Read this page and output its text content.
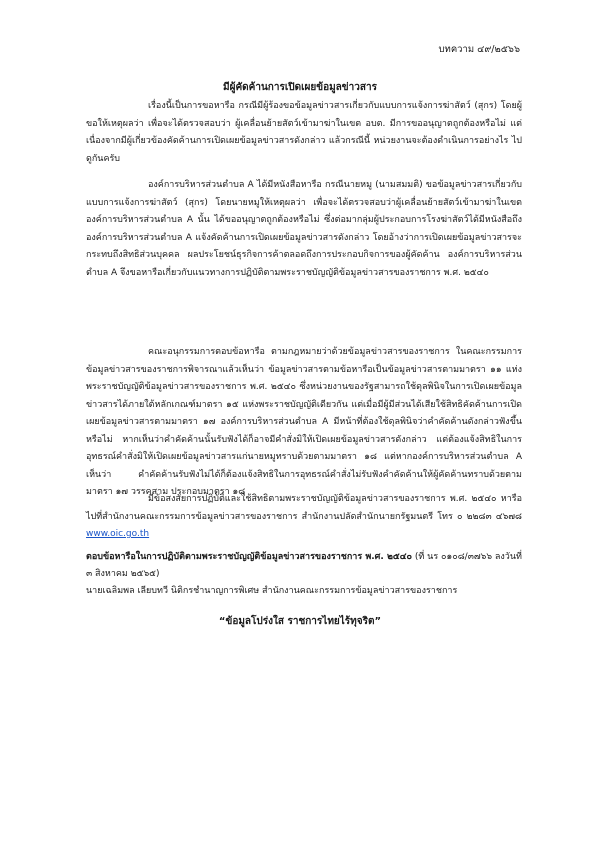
บทความ ๔๙/๒๕๖๖
มีผู้คัดค้านการเปิดเผยข้อมูลข่าวสาร

เรื่องนี้เป็นการขอหารือ กรณีมีผู้ร้องขอข้อมูลข่าวสารเกี่ยวกับแบบการแจ้งการฆ่าสัตว์ (สุกร) โดยผู้ขอให้เหตุผลว่า เพื่อจะได้ตรวจสอบว่า ผู้เคลื่อนย้ายสัตว์เข้ามาฆ่าในเขต อบต. มีการขออนุญาตถูกต้องหรือไม่ แต่เนื่องจากมีผู้เกี่ยวข้องคัดค้านการเปิดเผยข้อมูลข่าวสารดังกล่าว แล้วกรณีนี้ หน่วยงานจะต้องดำเนินการอย่างไร ไปดูกันครับ

องค์การบริหารส่วนตำบล A ได้มีหนังสือหารือ กรณีนายหมู (นามสมมติ) ขอข้อมูลข่าวสารเกี่ยวกับแบบการแจ้งการฆ่าสัตว์ (สุกร) โดยนายหมูให้เหตุผลว่า เพื่อจะได้ตรวจสอบว่าผู้เคลื่อนย้ายสัตว์เข้ามาฆ่าในเขตองค์การบริหารส่วนตำบล A นั้น ได้ขออนุญาตถูกต้องหรือไม่ ซึ่งต่อมากลุ่มผู้ประกอบการโรงฆ่าสัตว์ได้มีหนังสือถึงองค์การบริหารส่วนตำบล A แจ้งคัดค้านการเปิดเผยข้อมูลข่าวสารดังกล่าว โดยอ้างว่าการเปิดเผยข้อมูลข่าวสารจะกระทบถึงสิทธิส่วนบุคคล ผลประโยชน์ธุรกิจการค้าตลอดถึงการประกอบกิจการของผู้คัดค้าน องค์การบริหารส่วนตำบล A จึงขอหารือเกี่ยวกับแนวทางการปฏิบัติตามพระราชบัญญัติข้อมูลข่าวสารของราชการ พ.ศ. ๒๕๔๐

คณะอนุกรรมการตอบข้อหารือ ตามกฎหมายว่าด้วยข้อมูลข่าวสารของราชการ ในคณะกรรมการข้อมูลข่าวสารของราชการพิจารณาแล้วเห็นว่า ข้อมูลข่าวสารตามข้อหารือเป็นข้อมูลข่าวสารตามมาตรา ๑๑ แห่งพระราชบัญญัติข้อมูลข่าวสารของราชการ พ.ศ. ๒๕๔๐ ซึ่งหน่วยงานของรัฐสามารถใช้ดุลพินิจในการเปิดเผยข้อมูลข่าวสารได้ภายใต้หลักเกณฑ์มาตรา ๑๕ แห่งพระราชบัญญัติเดียวกัน แต่เมื่อมีผู้มีส่วนได้เสียใช้สิทธิคัดค้านการเปิดเผยข้อมูลข่าวสารตามมาตรา ๑๗ องค์การบริหารส่วนตำบล A มีหน้าที่ต้องใช้ดุลพินิจว่าคำคัดค้านดังกล่าวฟังขึ้นหรือไม่ หากเห็นว่าคำคัดค้านนั้นรับฟังได้ก็อาจมีคำสั่งมิให้เปิดเผยข้อมูลข่าวสารดังกล่าว แต่ต้องแจ้งสิทธิในการอุทธรณ์คำสั่งมิให้เปิดเผยข้อมูลข่าวสารแก่นายหมูทราบด้วยตามมาตรา ๑๘ แต่หากองค์การบริหารส่วนตำบล A เห็นว่า คำคัดค้านรับฟังไม่ได้ก็ต้องแจ้งสิทธิในการอุทธรณ์คำสั่งไม่รับฟังคำคัดค้านให้ผู้คัดค้านทราบด้วยตามมาตรา ๑๗ วรรคสาม ประกอบมาตรา ๑๘

มีข้อสงสัยการปฏิบัติและใช้สิทธิตามพระราชบัญญัติข้อมูลข่าวสารของราชการ พ.ศ. ๒๕๔๐ หารือไปที่สำนักงานคณะกรรมการข้อมูลข่าวสารของราชการ สำนักงานปลัดสำนักนายกรัฐมนตรี โทร ๐ ๒๒๘๓ ๔๖๗๘ www.oic.go.th

ตอบข้อหารือในการปฏิบัติตามพระราชบัญญัติข้อมูลข่าวสารของราชการ พ.ศ. ๒๕๔๐ (ที่ นร ๐๑๐๘/๓๗๖๖ ลงวันที่ ๓ สิงหาคม ๒๕๖๕)
นายเฉลิมพล เลียบทวี นิติกรชำนาญการพิเศษ สำนักงานคณะกรรมการข้อมูลข่าวสารของราชการ
“ข้อมูลโปร่งใส ราชการไทยไร้ทุจริต”
